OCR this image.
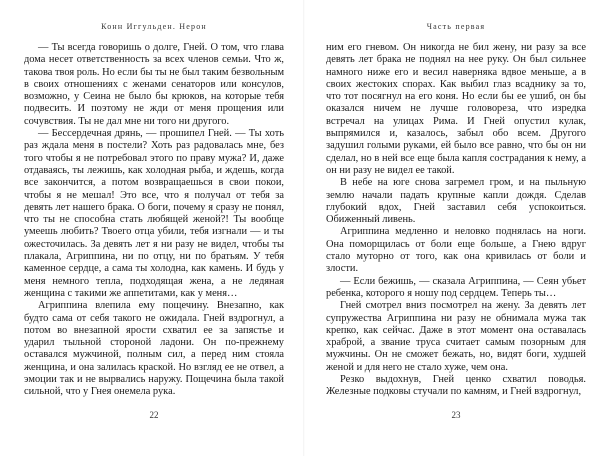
Конн Иггульден. Нерон

— Ты всегда говоришь о долге, Гней. О том, что глава дома несет ответственность за всех членов семьи. Что ж, такова твоя роль. Но если бы ты не был таким безвольным в своих отношениях с женами сенаторов или консулов, возможно, у Сеина не было бы крюков, на которые тебя подвесить. И поэтому не жди от меня прощения или сочувствия. Ты не дал мне ни того ни другого.

— Бессердечная дрянь, — прошипел Гней. — Ты хоть раз ждала меня в постели? Хоть раз радовалась мне, без того чтобы я не потребовал этого по праву мужа? И, даже отдаваясь, ты лежишь, как холодная рыба, и ждешь, когда все закончится, а потом возвращаешься в свои покои, чтобы я не мешал! Это все, что я получал от тебя за девять лет нашего брака. О боги, почему я сразу не понял, что ты не способна стать любящей женой?! Ты вообще умеешь любить? Твоего отца убили, тебя изгнали — и ты ожесточилась. За девять лет я ни разу не видел, чтобы ты плакала, Агриппина, ни по отцу, ни по братьям. У тебя каменное сердце, а сама ты холодна, как камень. И будь у меня немного тепла, подходящая жена, а не ледяная женщина с такими же аппетитами, как у меня…

Агриппина влепила ему пощечину. Внезапно, как будто сама от себя такого не ожидала. Гней вздрогнул, а потом во внезапной ярости схватил ее за запястье и ударил тыльной стороной ладони. Он по-прежнему оставался мужчиной, полным сил, а перед ним стояла женщина, и она залилась краской. Но взгляд ее не отвел, а эмоции так и не вырвались наружу. Пощечина была такой сильной, что у Гнея онемела рука.

22
Часть первая

ним его гневом. Он никогда не бил жену, ни разу за все девять лет брака не поднял на нее руку. Он был сильнее намного ниже его и весил наверняка вдвое меньше, а в своих жестоких спорах. Как выбил глаз всаднику за то, что тот посягнул на его коня. Но если бы ее ушиб, он бы оказался ничем не лучше головореза, что изредка встречал на улицах Рима. И Гней опустил кулак, выпрямился и, казалось, забыл обо всем. Другого задушил голыми руками, ей было все равно, что бы он ни сделал, но в ней все еще была капля сострадания к нему, а он ни разу не видел ее такой.

В небе на юге снова загремел гром, и на пыльную землю начали падать крупные капли дождя. Сделав глубокий вдох, Гней заставил себя успокоиться. Обиженный ливень.

Агриппина медленно и неловко поднялась на ноги. Она поморщилась от боли еще больше, а Гнею вдруг стало муторно от того, как она кривилась от боли и злости.

— Если бежишь, — сказала Агриппина, — Сеян убьет ребенка, которого я ношу под сердцем. Теперь ты…

Гней смотрел вниз посмотрел на жену. За девять лет супружества Агриппина ни разу не обнимала мужа так крепко, как сейчас. Даже в этот момент она оставалась храброй, а звание труса считает самым позорным для мужчины. Он не сможет бежать, но, видят боги, худшей женой и для него не стало хуже, чем она.

Резко выдохнув, Гней ценко схватил поводья. Железные подковы стучали по камням, и Гней вздрогнул,

23
